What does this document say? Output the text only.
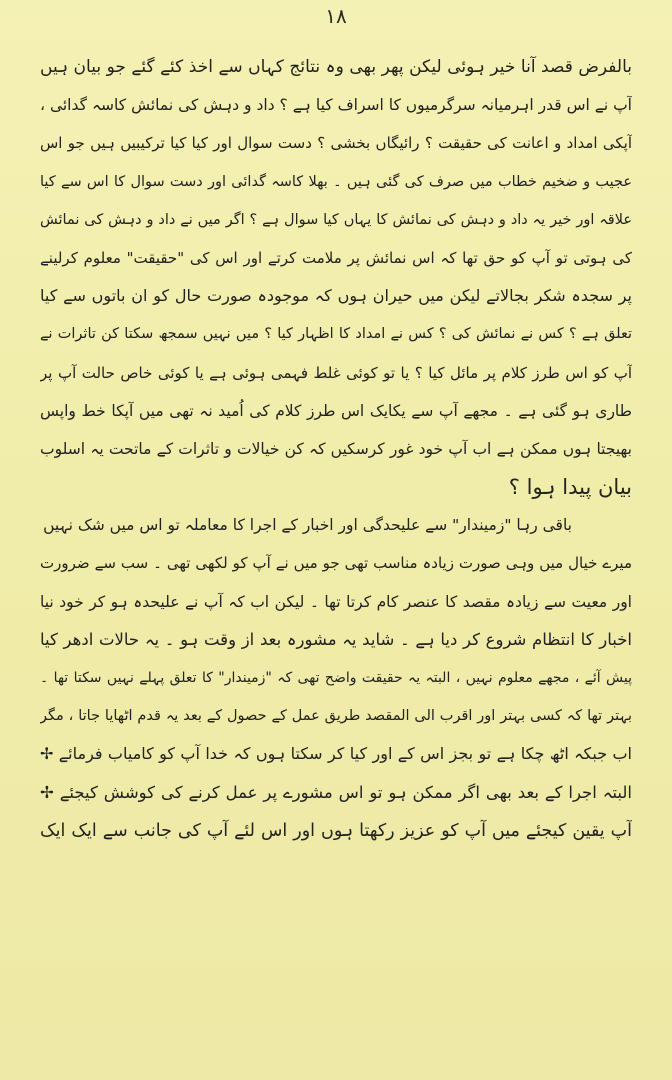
۱۸
بالفرض قصد آنا خیر ہوئی لیکن پھر بھی وہ نتائج کہاں سے اخذ کئے گئے جو بیان ہیں
آپ نے اس قدر اہرمیانہ سرگرمیوں کا اسراف کیا ہے ؟ داد و دہش کی نمائش کاسہ گدائی ،
آپکی امداد و اعانت کی حقیقت ؟ رائیگاں بخشی ؟ دست سوال اور کیا کیا ترکیبیں ہیں جو اس
عجیب و ضخیم خطاب میں صرف کی گئی ہیں ۔ بھلا کاسہ گدائی اور دست سوال کا اس سے کیا
علاقہ اور خیر یہ داد و دہش کی نمائش کا یہاں کیا سوال ہے ؟ اگر میں نے داد و دہش کی نمائش
کی ہوتی تو آپ کو حق تھا کہ اس نمائش پر ملامت کرتے اور اس کی "حقیقت" معلوم کرلینے
پر سجدہ شکر بجالاتے لیکن میں حیران ہوں کہ موجودہ صورت حال کو ان باتوں سے کیا
تعلق ہے ؟ کس نے نمائش کی ؟ کس نے امداد کا اظہار کیا ؟ میں نہیں سمجھ سکتا کن تاثرات نے
آپ کو اس طرز کلام پر مائل کیا ؟ یا تو کوئی غلط فہمی ہوئی ہے یا کوئی خاص حالت آپ پر
طاری ہو گئی ہے ۔ مجھے آپ سے یکایک اس طرز کلام کی اُمید نہ تھی میں آپکا خط واپس
بھیجتا ہوں ممکن ہے اب آپ خود غور کرسکیں کہ کن خیالات و تاثرات کے ماتحت یہ اسلوب
بیان پیدا ہوا ؟
باقی رہا "زمیندار" سے علیحدگی اور اخبار کے اجرا کا معاملہ تو اس میں شک نہیں
میرے خیال میں وہی صورت زیادہ مناسب تھی جو میں نے آپ کو لکھی تھی ۔ سب سے ضرورت
اور معیت سے زیادہ مقصد کا عنصر کام کرتا تھا ۔ لیکن اب کہ آپ نے علیحدہ ہو کر خود نیا
اخبار کا انتظام شروع کر دیا ہے ۔ شاید یہ مشورہ بعد از وقت ہو ۔ یہ حالات ادھر کیا
پیش آئے ، مجھے معلوم نہیں ، البتہ یہ حقیقت واضح تھی کہ "زمیندار" کا تعلق پہلے نہیں سکتا تھا ۔
بہتر تھا کہ کسی بہتر اور اقرب الی المقصد طریق عمل کے حصول کے بعد یہ قدم اٹھایا جاتا ، مگر
اب جبکہ اٹھ چکا ہے تو بجز اس کے اور کیا کر سکتا ہوں کہ خدا آپ کو کامیاب فرمائے ✢
البتہ اجرا کے بعد بھی اگر ممکن ہو تو اس مشورے پر عمل کرنے کی کوشش کیجئے ✢
آپ یقین کیجئے میں آپ کو عزیز رکھتا ہوں اور اس لئے آپ کی جانب سے ایک ایک
